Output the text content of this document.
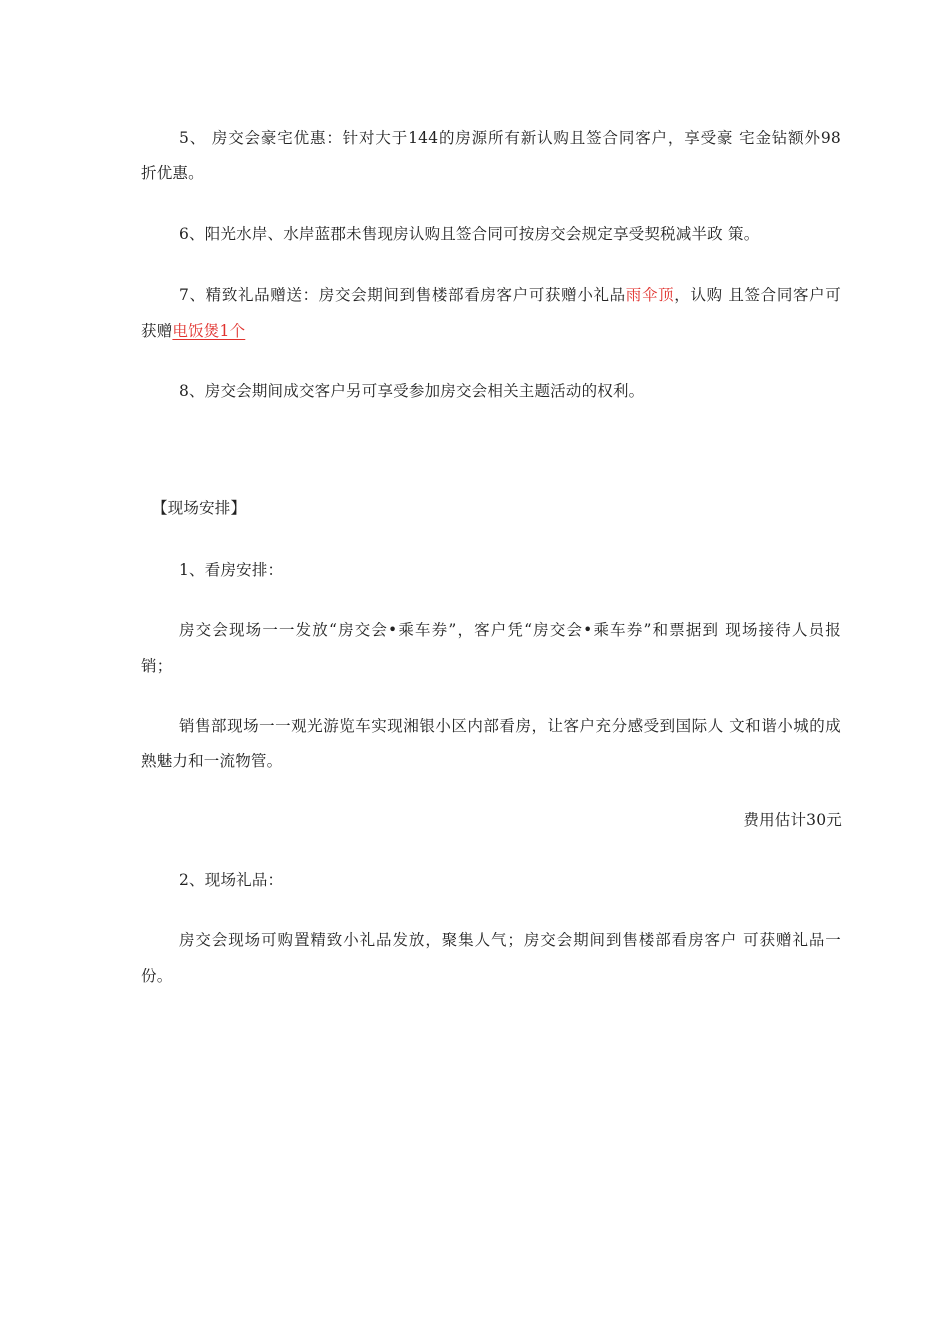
5、 房交会豪宅优惠：针对大于144的房源所有新认购且签合同客户，享受豪 宅金钻额外98
折优惠。
6、阳光水岸、水岸蓝郡未售现房认购且签合同可按房交会规定享受契税减半政 策。
7、精致礼品赠送：房交会期间到售楼部看房客户可获赠小礼品雨伞顶，认购 且签合同客户可
获赠电饭煲1个
8、房交会期间成交客户另可享受参加房交会相关主题活动的权利。
【现场安排】
1、看房安排：
房交会现场一一发放“房交会•乘车券”，客户凭“房交会•乘车券”和票据到 现场接待人员报
销；
销售部现场一一观光游览车实现湘银小区内部看房，让客户充分感受到国际人 文和谐小城的成
熟魅力和一流物管。
费用估计30元
2、现场礼品：
房交会现场可购置精致小礼品发放，聚集人气；房交会期间到售楼部看房客户 可获赠礼品一
份。
